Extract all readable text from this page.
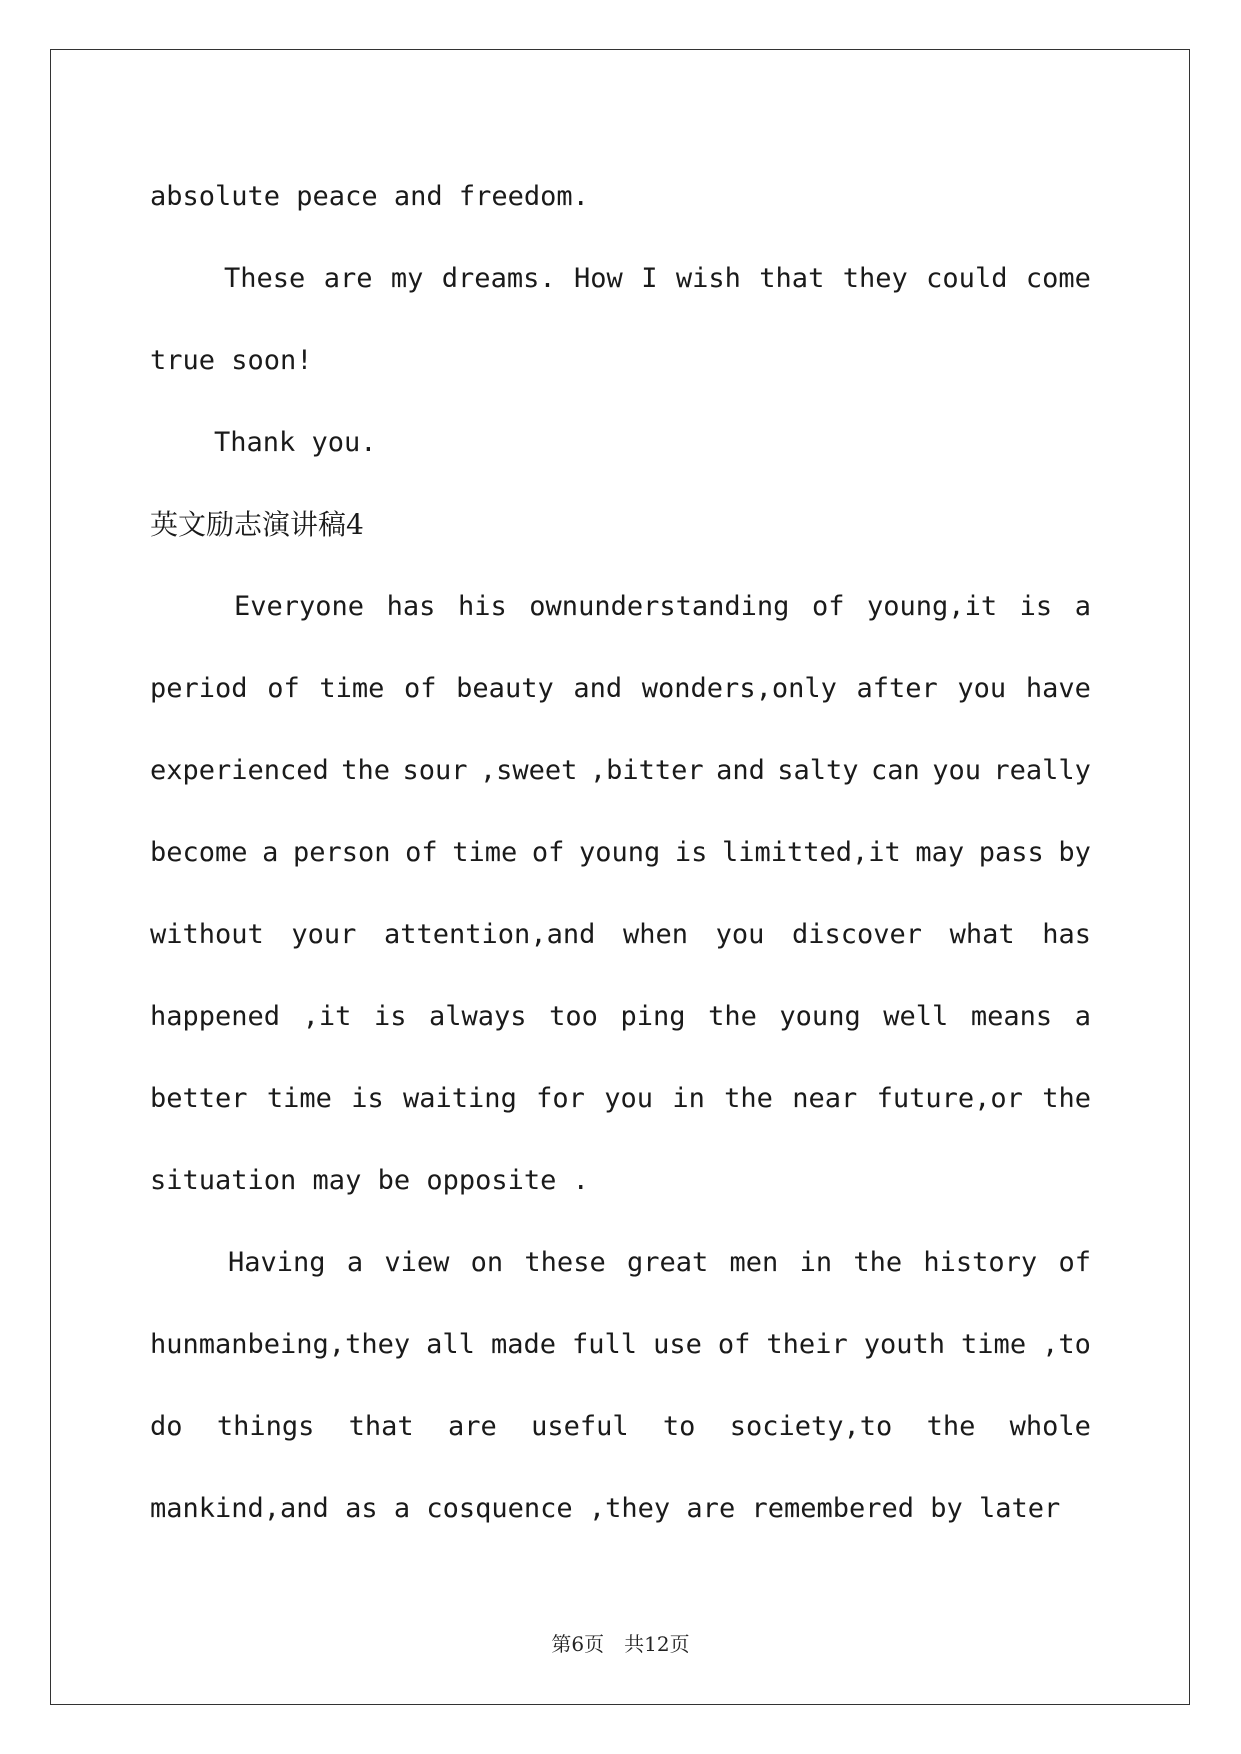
absolute peace and freedom.

These are my dreams. How I wish that they could come

true soon!

Thank you.

英文励志演讲稿4

Everyone has his ownunderstanding of young,it is a

period of time of beauty and wonders,only after you have

experienced the sour ,sweet ,bitter and salty can you really

become a person of time of young is limitted,it may pass by

without your attention,and when you discover what has

happened ,it is always too ping the young well means a

better time is waiting for you in the near future,or the

situation may be opposite .

Having a view on these great men in the history of

hunmanbeing,they all made full use of their youth time ,to

do things that are useful to society,to the whole

mankind,and as a cosquence ,they are remembered by later

第6页　共12页
